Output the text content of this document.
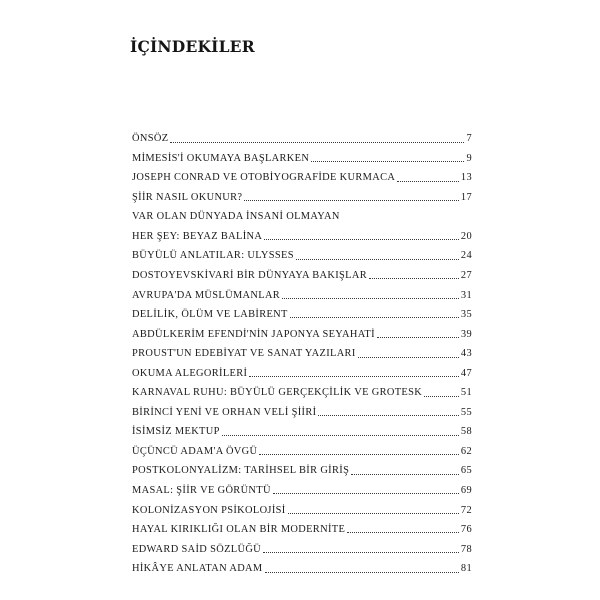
İÇİNDEKİLER
ÖNSÖZ	7
MİMESİS'İ OKUMAYA BAŞLARKEN	9
JOSEPH CONRAD VE OTOBİYOGRAFİDE KURMACA	13
ŞİİR NASIL OKUNUR?	17
VAR OLAN DÜNYADA İNSANİ OLMAYAN
HER ŞEY: BEYAZ BALİNA	20
BÜYÜLÜ ANLATILAR: ULYSSES	24
DOSTOYEVSKİVARİ BİR DÜNYAYA BAKIŞLAR	27
AVRUPA'DA MÜSLÜMANLAR	31
DELİLİK, ÖLÜM VE LABİRENT	35
ABDÜLKERİM EFENDİ'NİN JAPONYA SEYAHATİ	39
PROUST'UN EDEBİYAT VE SANAT YAZILARI	43
OKUMA ALEGORİLERİ	47
KARNAVAL RUHU: BÜYÜLÜ GERÇEKÇİLİK VE GROTESK	51
BİRİNCİ YENİ VE ORHAN VELİ ŞİİRİ	55
İSİMSİZ MEKTUP	58
ÜÇÜNCÜ ADAM'A ÖVGÜ	62
POSTKOLONYALİZM: TARİHSEL BİR GİRİŞ	65
MASAL: ŞİİR VE GÖRÜNTÜ	69
KOLONİZASYON PSİKOLOJİSİ	72
HAYAL KIRIKLIĞI OLAN BİR MODERNİTE	76
EDWARD SAİD SÖZLÜĞÜ	78
HİKÂYE ANLATAN ADAM	81
